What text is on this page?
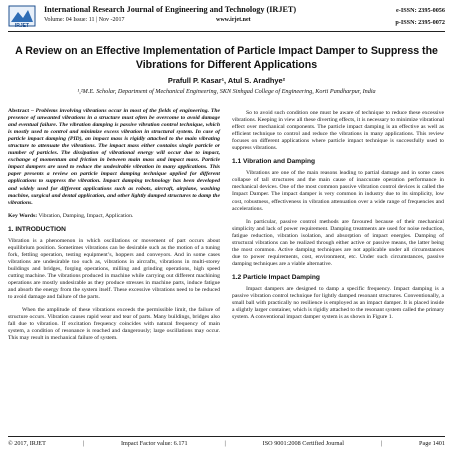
IRJET
International Research Journal of Engineering and Technology (IRJET)
Volume: 04 Issue: 11 | Nov -2017	www.irjet.net
e-ISSN: 2395-0056
p-ISSN: 2395-0072
A Review on an Effective Implementation of Particle Impact Damper to Suppress the Vibrations for Different Applications
Prafull P. Kasar¹, Atul S. Aradhye²
¹,²M.E. Scholar, Department of Mechanical Engineering, SKN Sinhgad College of Engineering, Korti Pandharpur, India

Abstract – Problems involving vibrations occur in most of the fields of engineering. The presence of unwanted vibrations in a structure must often be overcome to avoid damage and eventual failure. The vibration damping is passive vibration control technique, which is mostly used to control and minimize excess vibration in structural system. In case of particle impact damping (PID), an impact mass is rigidly attached to the main vibrating structure to attenuate the vibrations. The impact mass either contains single particle or number of particles. The dissipation of vibrational energy will occur due to impact, exchange of momentum and friction in between main mass and impact mass. Particle impact dampers are used to reduce the undesirable vibration in many applications. This paper presents a review on particle impact damping technique applied for different applications to suppress the vibration. Impact damping technology has been developed and widely used for different applications such as robots, aircraft, airplane, washing machine, surgical and dental application, and other lightly damped structures to damp the vibrations.

Key Words: Vibration, Damping, Impact, Application.

1. INTRODUCTION

Vibration is a phenomenon in which oscillations or movement of part occurs about equilibrium position. Sometimes vibrations can be desirable such as the motion of a tuning fork, fettling operation, testing equipment’s, hoppers and conveyors. And in some cases vibrations are undesirable too such as, vibrations in aircrafts, vibrations in multi-storey buildings and bridges, forging operations, milling and grinding operations, high speed cutting machine. The vibrations produced in machine while carrying out different machining operations are mostly undesirable as they produce stresses in machine parts, induce fatigue and absorb the energy from the system itself. These excessive vibrations need to be reduced to avoid damage and failure of the parts.

When the amplitude of these vibrations exceeds the permissible limit, the failure of structure occurs. Vibration causes rapid wear and tear of parts. Many buildings, bridges also fall due to vibration. If excitation frequency coincides with natural frequency of main system, a condition of resonance is reached and dangerously; large oscillations may occur. This may result in mechanical failure of system.

So to avoid such condition one must be aware of technique to reduce these excessive vibrations. Keeping in view all these diverting effects, it is necessary to minimize vibrational effect over mechanical components. The particle impact damping is an effective as well as efficient technique to control and reduce the vibrations in many applications. This review focuses on different applications where particle impact technique is successfully used to suppress vibrations.

1.1 Vibration and Damping

Vibrations are one of the main reasons leading to partial damage and in some cases collapse of tall structures and the main cause of inaccurate operation performance in mechanical devices. One of the most common passive vibration control devices is called the Impact Damper. The impact damper is very common in industry due to its simplicity, low cost, robustness, effectiveness in vibration attenuation over a wide range of frequencies and accelerations.

In particular, passive control methods are favoured because of their mechanical simplicity and lack of power requirement. Damping treatments are used for noise reduction, fatigue reduction, vibration isolation, and absorption of impact energies. Damping of structural vibrations can be realized through either active or passive means, the latter being the most common. Active damping techniques are not applicable under all circumstances due to power requirements, cost, environment, etc. Under such circumstances, passive damping techniques are a viable alternative.

1.2 Particle Impact Damping

Impact dampers are designed to damp a specific frequency. Impact damping is a passive vibration control technique for lightly damped resonant structures. Conventionally, a small ball with practically no resilience is employed as an impact damper. It is placed inside a slightly larger container, which is rigidly attached to the resonant system called the primary system. A conventional impact damper system is as shown in Figure 1.

© 2017, IRJET	|	Impact Factor value: 6.171	|	ISO 9001:2008 Certified Journal	|	Page 1401
